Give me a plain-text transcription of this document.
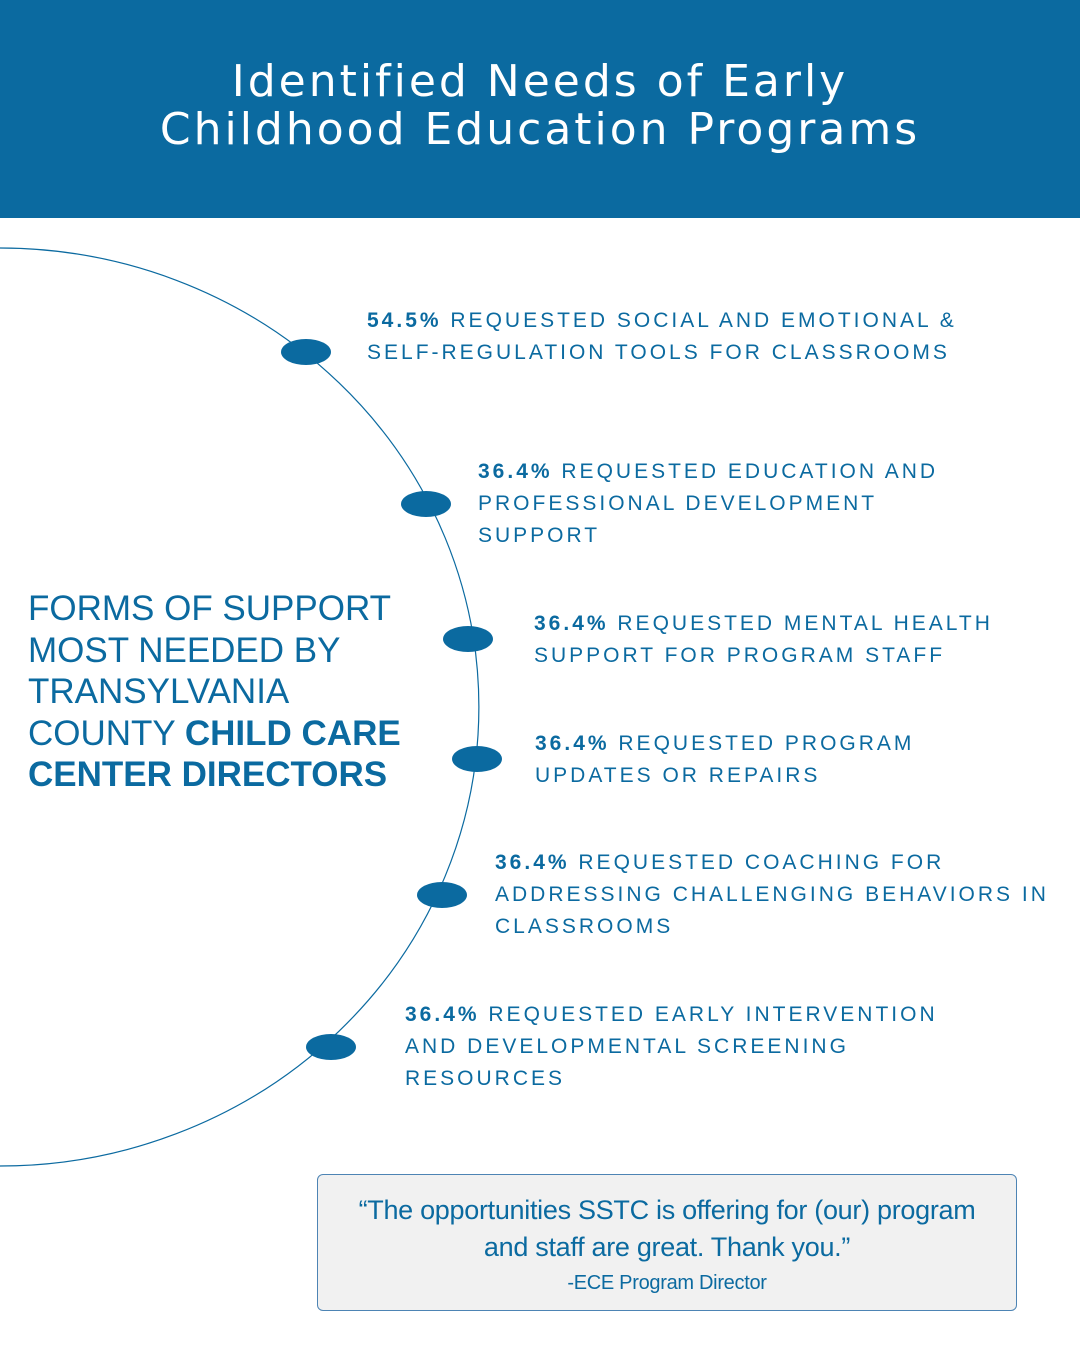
Identified Needs of Early
Childhood Education Programs
FORMS OF SUPPORT MOST NEEDED BY TRANSYLVANIA COUNTY CHILD CARE CENTER DIRECTORS
54.5% REQUESTED SOCIAL AND EMOTIONAL & SELF-REGULATION TOOLS FOR CLASSROOMS
36.4% REQUESTED EDUCATION AND PROFESSIONAL DEVELOPMENT SUPPORT
36.4% REQUESTED MENTAL HEALTH SUPPORT FOR PROGRAM STAFF
36.4% REQUESTED PROGRAM UPDATES OR REPAIRS
36.4% REQUESTED COACHING FOR ADDRESSING CHALLENGING BEHAVIORS IN CLASSROOMS
36.4% REQUESTED EARLY INTERVENTION AND DEVELOPMENTAL SCREENING RESOURCES
“The opportunities SSTC is offering for (our) program and staff are great. Thank you.”
-ECE Program Director
